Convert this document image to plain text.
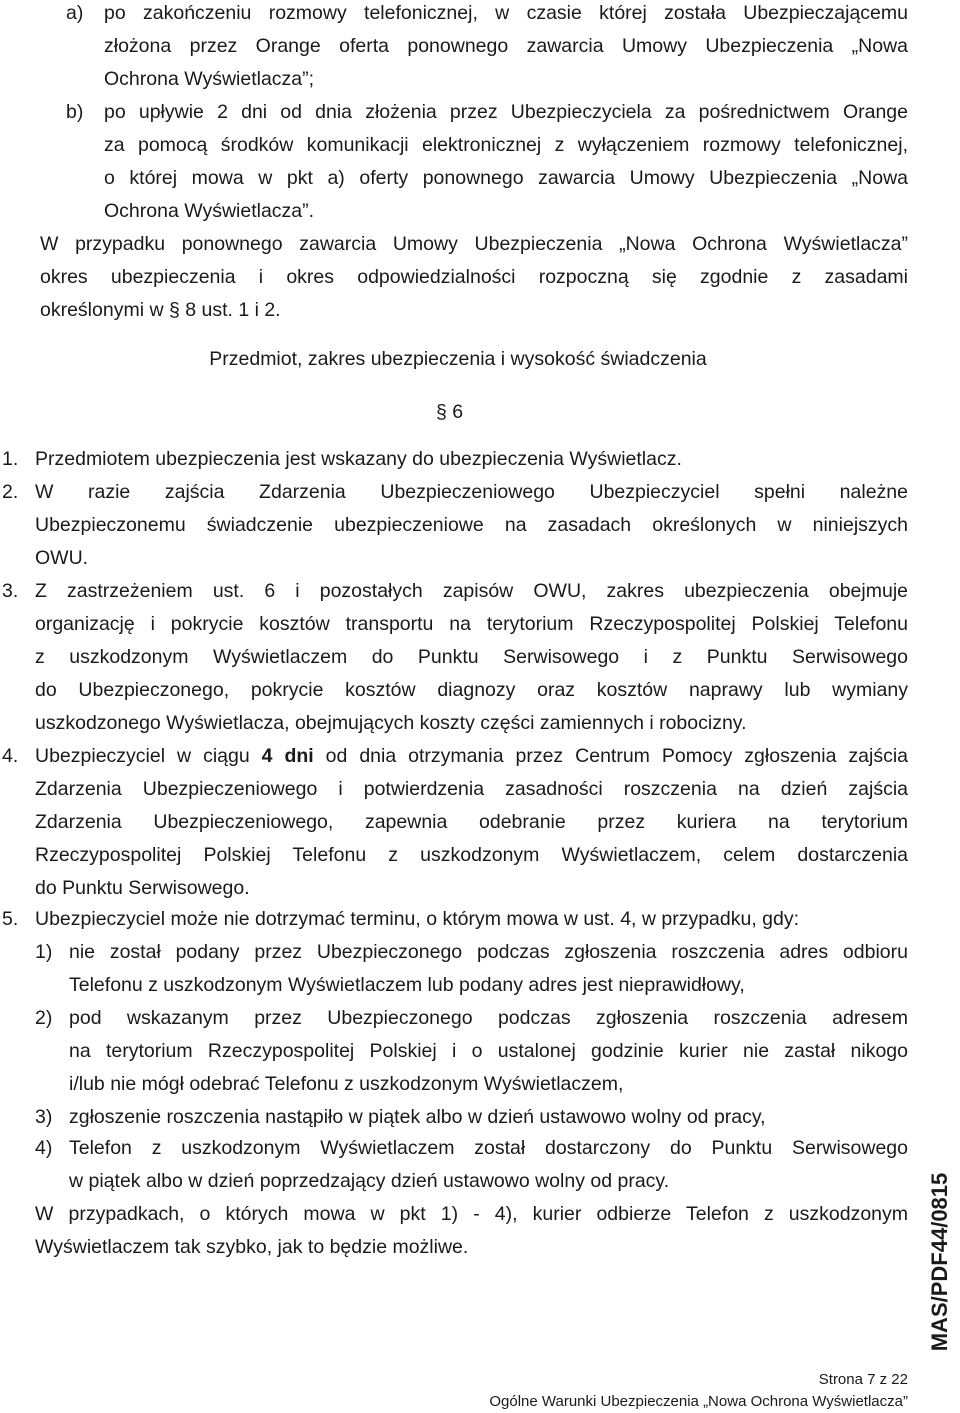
a) po zakończeniu rozmowy telefonicznej, w czasie której została Ubezpieczającemu
złożona przez Orange oferta ponownego zawarcia Umowy Ubezpieczenia „Nowa
Ochrona Wyświetlacza”;
b) po upływie 2 dni od dnia złożenia przez Ubezpieczyciela za pośrednictwem Orange
za pomocą środków komunikacji elektronicznej z wyłączeniem rozmowy telefonicznej,
o której mowa w pkt a) oferty ponownego zawarcia Umowy Ubezpieczenia „Nowa
Ochrona Wyświetlacza”.
W przypadku ponownego zawarcia Umowy Ubezpieczenia „Nowa Ochrona Wyświetlacza”
okres ubezpieczenia i okres odpowiedzialności rozpoczną się zgodnie z zasadami
określonymi w § 8 ust. 1 i 2.
Przedmiot, zakres ubezpieczenia i wysokość świadczenia
§ 6
1. Przedmiotem ubezpieczenia jest wskazany do ubezpieczenia Wyświetlacz.
2. W razie zajścia Zdarzenia Ubezpieczeniowego Ubezpieczyciel spełni należne
Ubezpieczonemu świadczenie ubezpieczeniowe na zasadach określonych w niniejszych
OWU.
3. Z zastrzeżeniem ust. 6 i pozostałych zapisów OWU, zakres ubezpieczenia obejmuje
organizację i pokrycie kosztów transportu na terytorium Rzeczypospolitej Polskiej Telefonu
z uszkodzonym Wyświetlaczem do Punktu Serwisowego i z Punktu Serwisowego
do Ubezpieczonego, pokrycie kosztów diagnozy oraz kosztów naprawy lub wymiany
uszkodzonego Wyświetlacza, obejmujących koszty części zamiennych i robocizny.
4. Ubezpieczyciel w ciągu 4 dni od dnia otrzymania przez Centrum Pomocy zgłoszenia zajścia
Zdarzenia Ubezpieczeniowego i potwierdzenia zasadności roszczenia na dzień zajścia
Zdarzenia Ubezpieczeniowego, zapewnia odebranie przez kuriera na terytorium
Rzeczypospolitej Polskiej Telefonu z uszkodzonym Wyświetlaczem, celem dostarczenia
do Punktu Serwisowego.
5. Ubezpieczyciel może nie dotrzymać terminu, o którym mowa w ust. 4, w przypadku, gdy:
1) nie został podany przez Ubezpieczonego podczas zgłoszenia roszczenia adres odbioru
Telefonu z uszkodzonym Wyświetlaczem lub podany adres jest nieprawidłowy,
2) pod wskazanym przez Ubezpieczonego podczas zgłoszenia roszczenia adresem
na terytorium Rzeczypospolitej Polskiej i o ustalonej godzinie kurier nie zastał nikogo
i/lub nie mógł odebrać Telefonu z uszkodzonym Wyświetlaczem,
3) zgłoszenie roszczenia nastąpiło w piątek albo w dzień ustawowo wolny od pracy,
4) Telefon z uszkodzonym Wyświetlaczem został dostarczony do Punktu Serwisowego
w piątek albo w dzień poprzedzający dzień ustawowo wolny od pracy.
W przypadkach, o których mowa w pkt 1) - 4), kurier odbierze Telefon z uszkodzonym
Wyświetlaczem tak szybko, jak to będzie możliwe.	MAS/PDF44/0815
Strona 7 z 22
Ogólne Warunki Ubezpieczenia „Nowa Ochrona Wyświetlacza”
